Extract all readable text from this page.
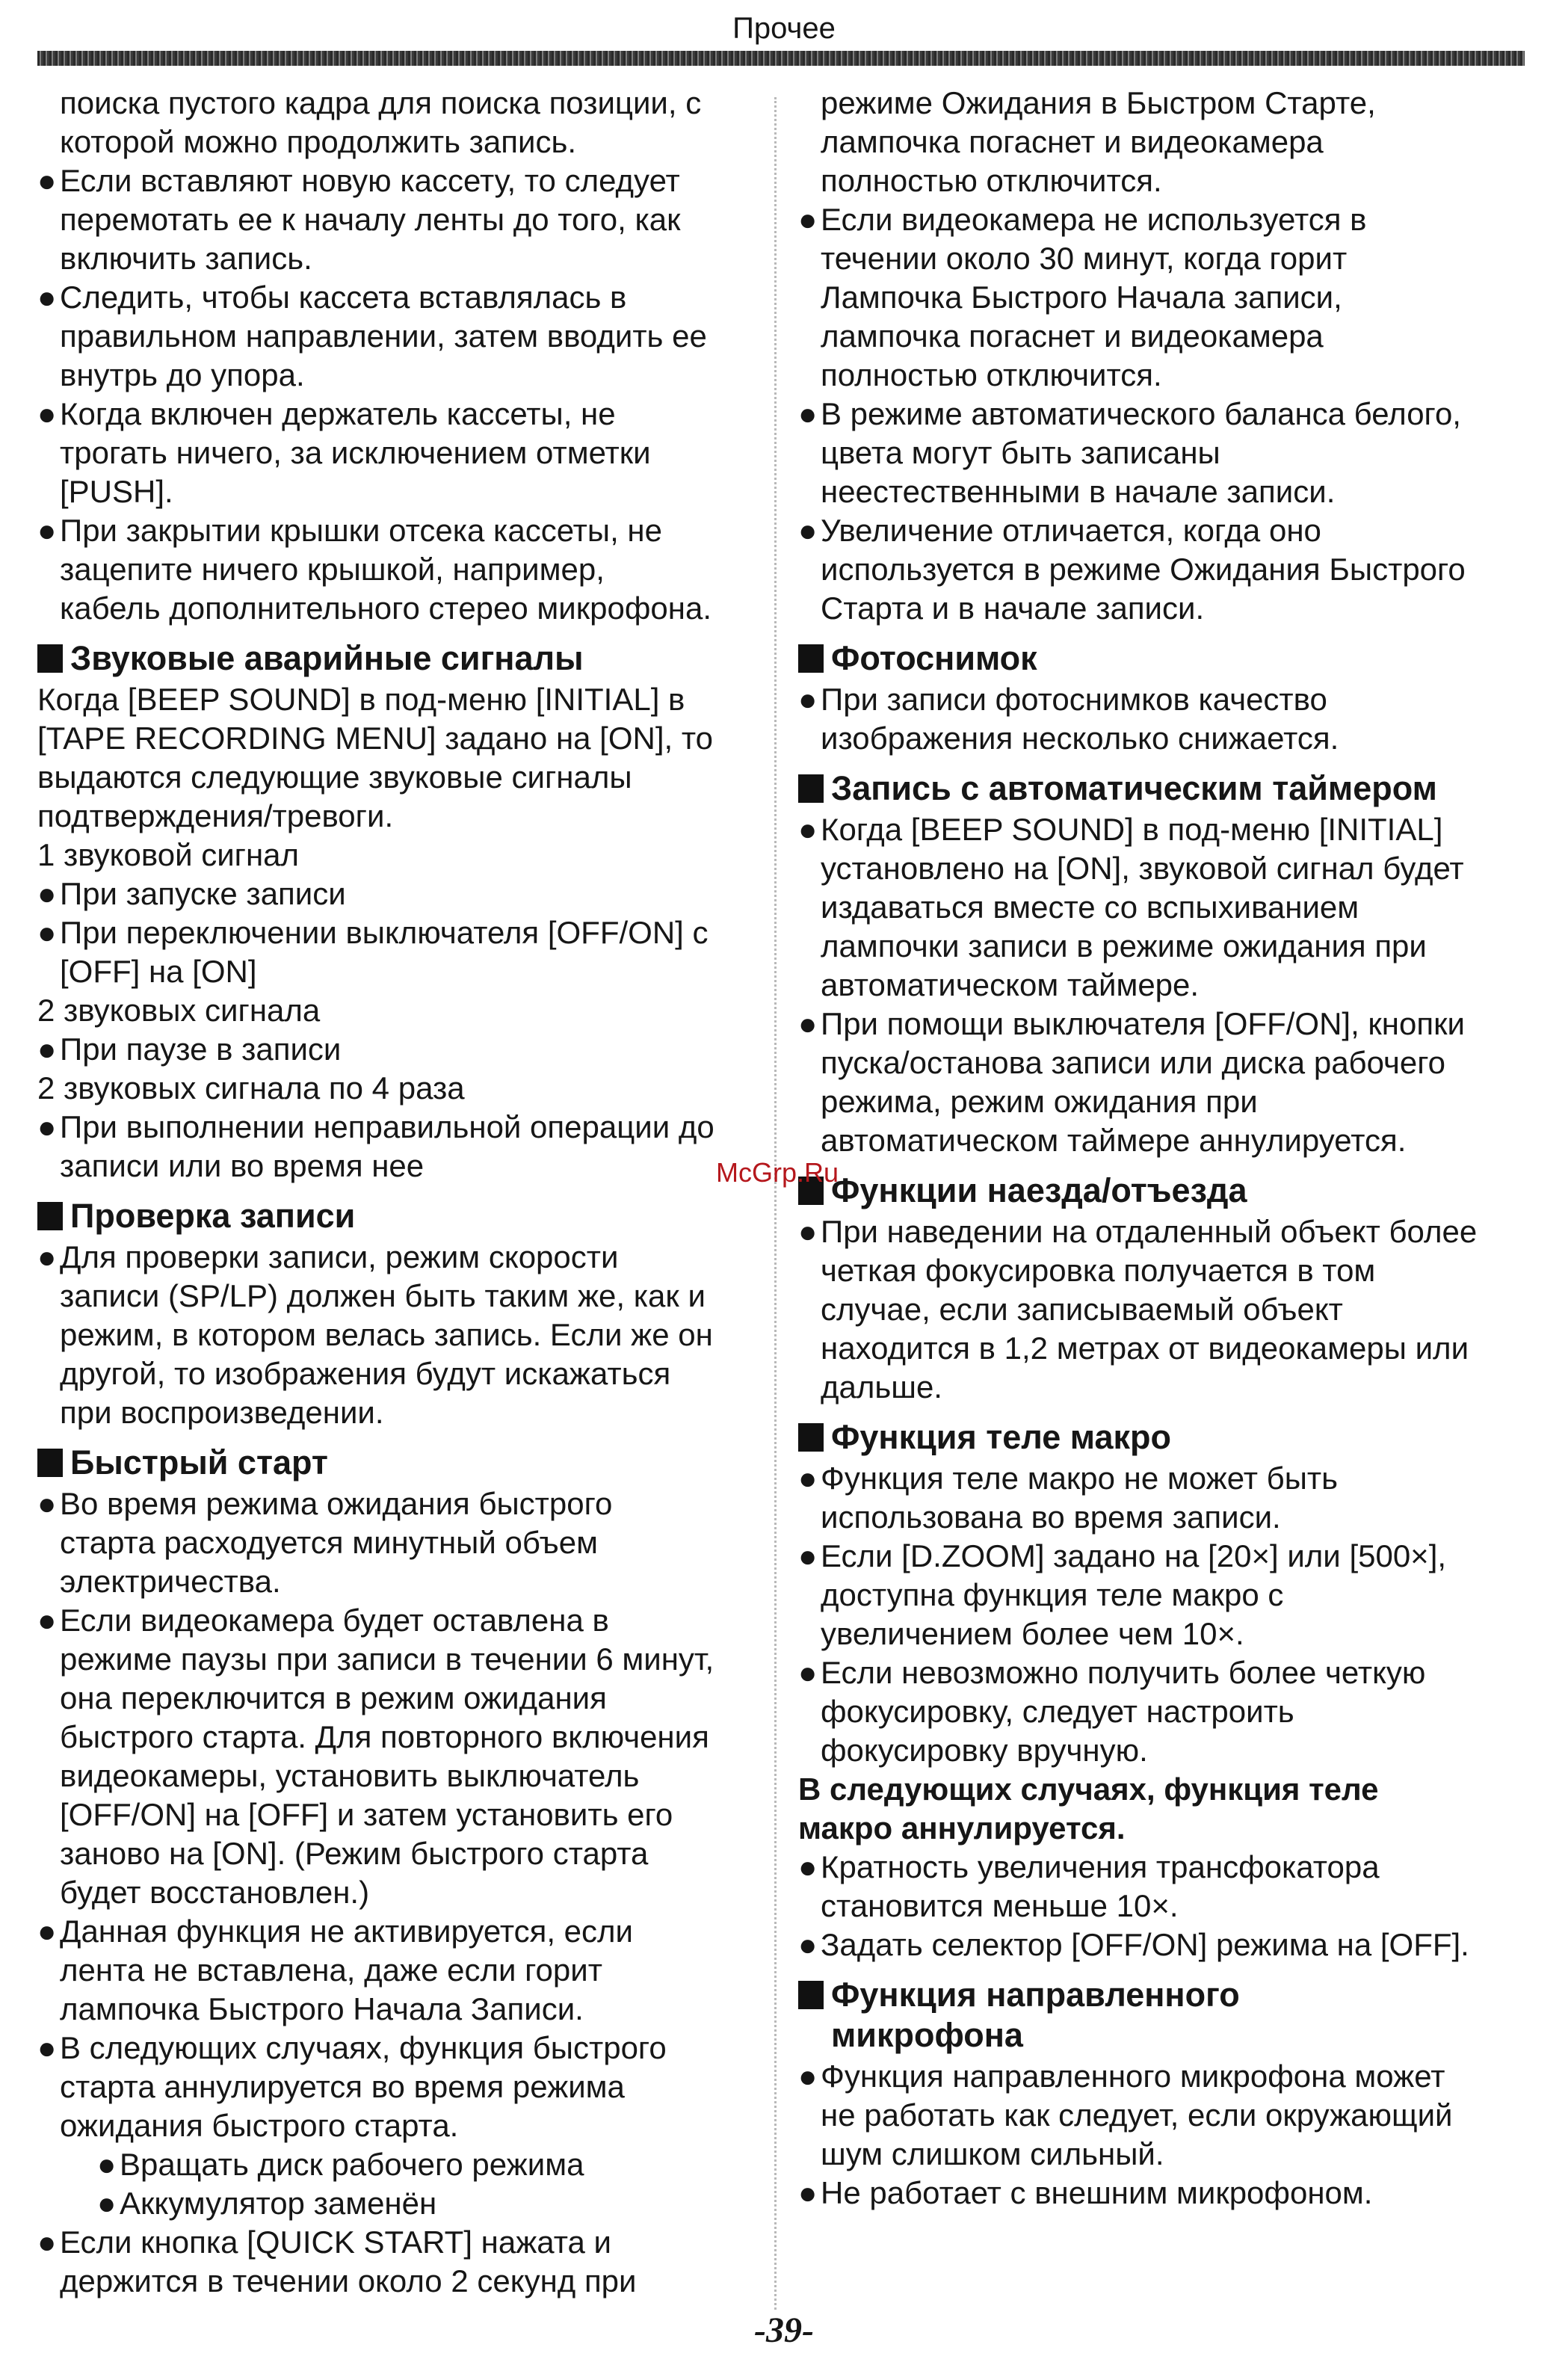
Прочее
поиска пустого кадра для поиска позиции, с
которой можно продолжить запись.
● Если вставляют новую кассету, то следует
перемотать ее к началу ленты до того, как
включить запись.
● Следить, чтобы кассета вставлялась в
правильном направлении, затем вводить ее
внутрь до упора.
● Когда включен держатель кассеты, не
трогать ничего, за исключением отметки
[PUSH].
● При закрытии крышки отсека кассеты, не
зацепите ничего крышкой, например,
кабель дополнительного стерео микрофона.
Звуковые аварийные сигналы
Когда [BEEP SOUND] в под-меню [INITIAL] в
[TAPE RECORDING MENU] задано на [ON], то
выдаются следующие звуковые сигналы
подтверждения/тревоги.
1 звуковой сигнал
● При запуске записи
● При переключении выключателя [OFF/ON] с
[OFF] на [ON]
2 звуковых сигнала
● При паузе в записи
2 звуковых сигнала по 4 раза
● При выполнении неправильной операции до
записи или во время нее
Проверка записи
● Для проверки записи, режим скорости
записи (SP/LP) должен быть таким же, как и
режим, в котором велась запись. Если же он
другой, то изображения будут искажаться
при воспроизведении.
Быстрый старт
● Во время режима ожидания быстрого
старта расходуется минутный объем
электричества.
● Если видеокамера будет оставлена в
режиме паузы при записи в течении 6 минут,
она переключится в режим ожидания
быстрого старта. Для повторного включения
видеокамеры, установить выключатель
[OFF/ON] на [OFF] и затем установить его
заново на [ON]. (Режим быстрого старта
будет восстановлен.)
● Данная функция не активируется, если
лента не вставлена, даже если горит
лампочка Быстрого Начала Записи.
● В следующих случаях, функция быстрого
старта аннулируется во время режима
ожидания быстрого старта.
● Вращать диск рабочего режима
● Аккумулятор заменён
● Если кнопка [QUICK START] нажата и
держится в течении около 2 секунд при
режиме Ожидания в Быстром Старте,
лампочка погаснет и видеокамера
полностью отключится.
● Если видеокамера не используется в
течении около 30 минут, когда горит
Лампочка Быстрого Начала записи,
лампочка погаснет и видеокамера
полностью отключится.
● В режиме автоматического баланса белого,
цвета могут быть записаны
неестественными в начале записи.
● Увеличение отличается, когда оно
используется в режиме Ожидания Быстрого
Старта и в начале записи.
Фотоснимок
● При записи фотоснимков качество
изображения несколько снижается.
Запись с автоматическим таймером
● Когда [BEEP SOUND] в под-меню [INITIAL]
установлено на [ON], звуковой сигнал будет
издаваться вместе со вспыхиванием
лампочки записи в режиме ожидания при
автоматическом таймере.
● При помощи выключателя [OFF/ON], кнопки
пуска/останова записи или диска рабочего
режима, режим ожидания при
автоматическом таймере аннулируется.
Функции наезда/отъезда
● При наведении на отдаленный объект более
четкая фокусировка получается в том
случае, если записываемый объект
находится в 1,2 метрах от видеокамеры или
дальше.
Функция теле макро
● Функция теле макро не может быть
использована во время записи.
● Если [D.ZOOM] задано на [20×] или [500×],
доступна функция теле макро с
увеличением более чем 10×.
● Если невозможно получить более четкую
фокусировку, следует настроить
фокусировку вручную.
В следующих случаях, функция теле
макро аннулируется.
● Кратность увеличения трансфокатора
становится меньше 10×.
● Задать селектор [OFF/ON] режима на [OFF].
Функция направленного
микрофона
● Функция направленного микрофона может
не работать как следует, если окружающий
шум слишком сильный.
● Не работает с внешним микрофоном.
McGrp.Ru
-39-
